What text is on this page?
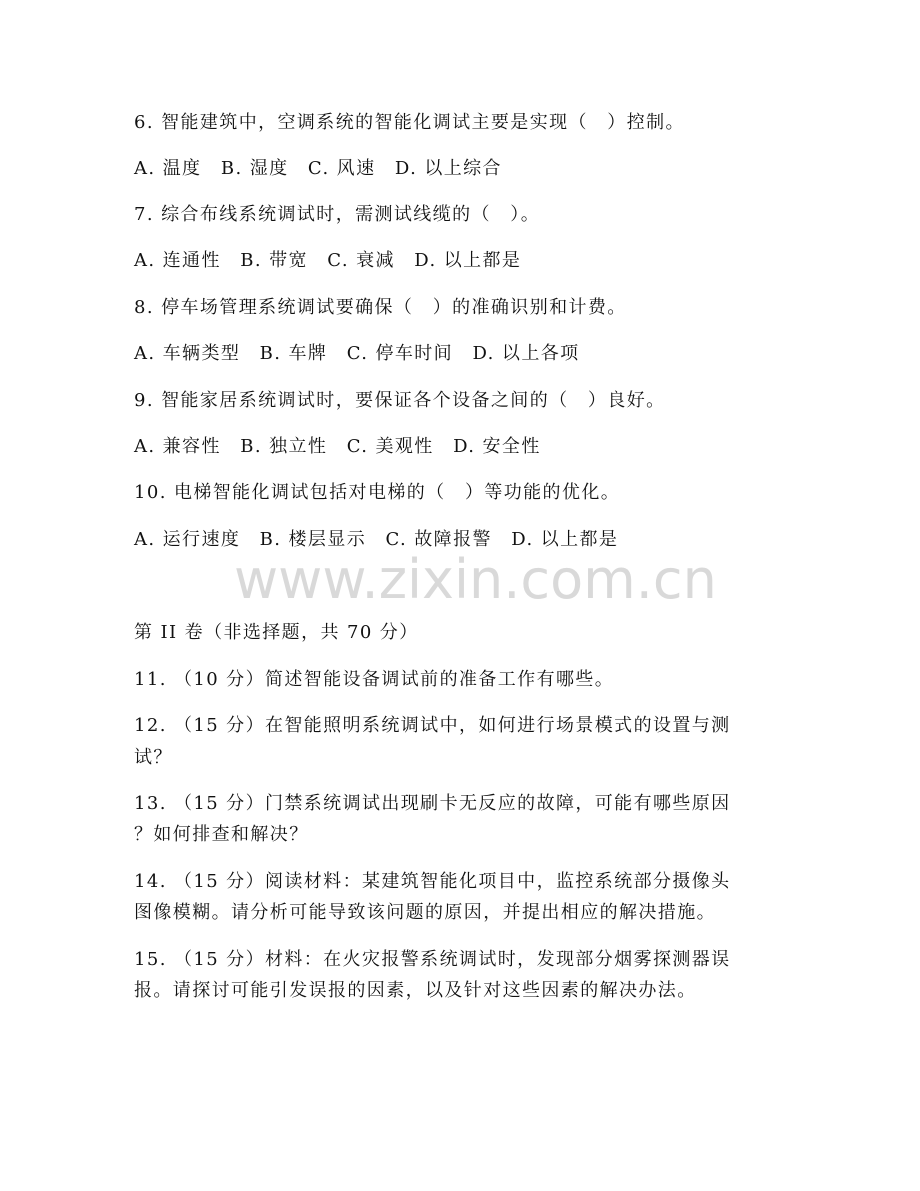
6. 智能建筑中，空调系统的智能化调试主要是实现（　）控制。
A. 温度　B. 湿度　C. 风速　D. 以上综合
7. 综合布线系统调试时，需测试线缆的（　）。
A. 连通性　B. 带宽　C. 衰减　D. 以上都是
8. 停车场管理系统调试要确保（　）的准确识别和计费。
A. 车辆类型　B. 车牌　C. 停车时间　D. 以上各项
9. 智能家居系统调试时，要保证各个设备之间的（　）良好。
A. 兼容性　B. 独立性　C. 美观性　D. 安全性
10. 电梯智能化调试包括对电梯的（　）等功能的优化。
A. 运行速度　B. 楼层显示　C. 故障报警　D. 以上都是
www.zixin.com.cn
第 II 卷（非选择题，共 70 分）
11. （10 分）简述智能设备调试前的准备工作有哪些。
12. （15 分）在智能照明系统调试中，如何进行场景模式的设置与测
试？
13. （15 分）门禁系统调试出现刷卡无反应的故障，可能有哪些原因
？如何排查和解决？
14. （15 分）阅读材料：某建筑智能化项目中，监控系统部分摄像头
图像模糊。请分析可能导致该问题的原因，并提出相应的解决措施。
15. （15 分）材料：在火灾报警系统调试时，发现部分烟雾探测器误
报。请探讨可能引发误报的因素，以及针对这些因素的解决办法。
